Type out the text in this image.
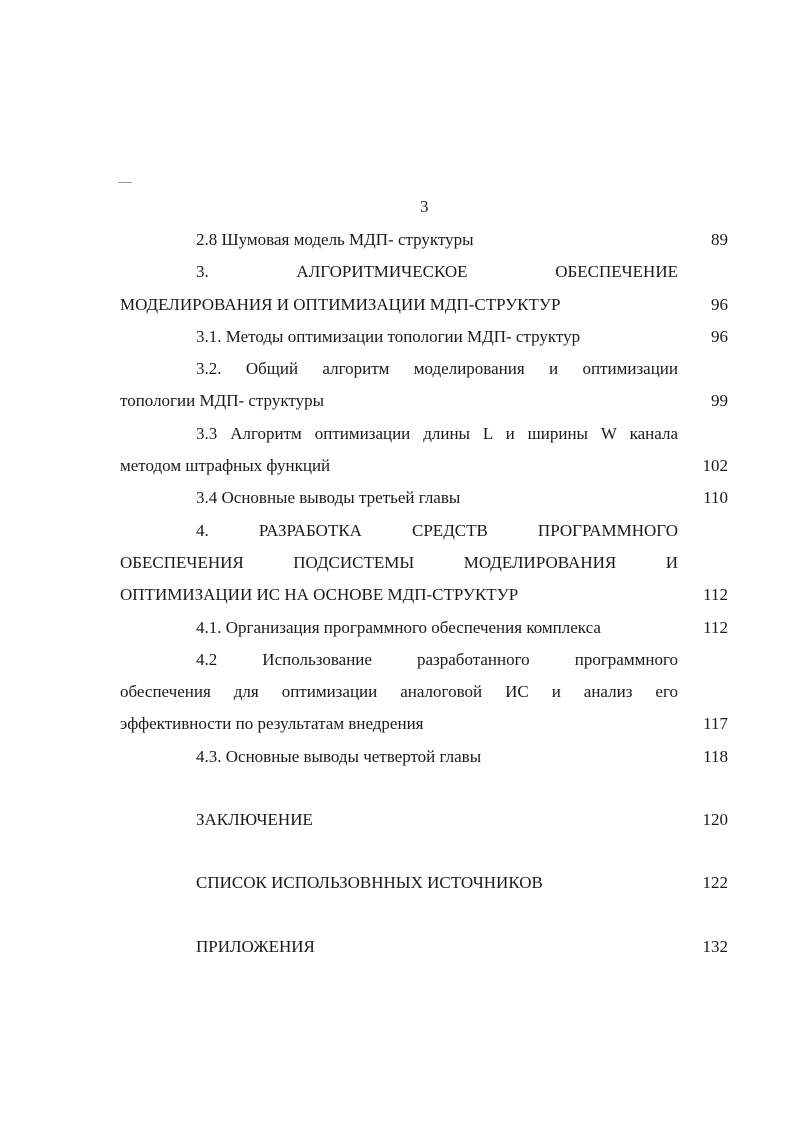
3
2.8 Шумовая модель МДП- структуры	89
3. АЛГОРИТМИЧЕСКОЕ ОБЕСПЕЧЕНИЕ
МОДЕЛИРОВАНИЯ И ОПТИМИЗАЦИИ МДП-СТРУКТУР	96
3.1. Методы оптимизации топологии МДП- структур	96
3.2. Общий алгоритм моделирования и оптимизации
топологии МДП- структуры	99
3.3 Алгоритм оптимизации длины L и ширины W канала
методом штрафных функций	102
3.4 Основные выводы третьей главы	110
4. РАЗРАБОТКА СРЕДСТВ ПРОГРАММНОГО
ОБЕСПЕЧЕНИЯ ПОДСИСТЕМЫ МОДЕЛИРОВАНИЯ И
ОПТИМИЗАЦИИ ИС НА ОСНОВЕ МДП-СТРУКТУР	112
4.1. Организация программного обеспечения комплекса	112
4.2 Использование разработанного программного
обеспечения для оптимизации аналоговой ИС и анализ его
эффективности по результатам внедрения	117
4.3. Основные выводы четвертой главы	118
ЗАКЛЮЧЕНИЕ	120
СПИСОК ИСПОЛЬЗОВННЫХ ИСТОЧНИКОВ	122
ПРИЛОЖЕНИЯ	132
